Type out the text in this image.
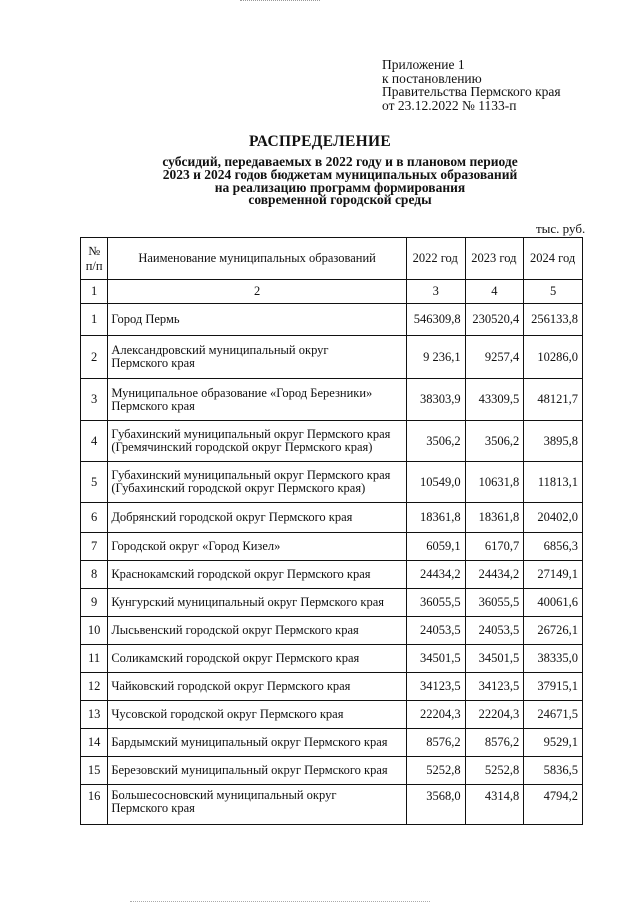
Приложение 1
к постановлению
Правительства Пермского края
от 23.12.2022 № 1133-п
РАСПРЕДЕЛЕНИЕ
субсидий, передаваемых в 2022 году и в плановом периоде
2023 и 2024 годов бюджетам муниципальных образований
на реализацию программ формирования
современной городской среды
тыс. руб.
№
п/п	Наименование муниципальных образований	2022 год	2023 год	2024 год
1	2	3	4	5
1	Город Пермь	546309,8	230520,4	256133,8
2	Александровский муниципальный округ
Пермского края	9 236,1	9257,4	10286,0
3	Муниципальное образование «Город Березники»
Пермского края	38303,9	43309,5	48121,7
4	Губахинский муниципальный округ Пермского края
(Гремячинский городской округ Пермского края)	3506,2	3506,2	3895,8
5	Губахинский муниципальный округ Пермского края
(Губахинский городской округ Пермского края)	10549,0	10631,8	11813,1
6	Добрянский городской округ Пермского края	18361,8	18361,8	20402,0
7	Городской округ «Город Кизел»	6059,1	6170,7	6856,3
8	Краснокамский городской округ Пермского края	24434,2	24434,2	27149,1
9	Кунгурский муниципальный округ Пермского края	36055,5	36055,5	40061,6
10	Лысьвенский городской округ Пермского края	24053,5	24053,5	26726,1
11	Соликамский городской округ Пермского края	34501,5	34501,5	38335,0
12	Чайковский городской округ Пермского края	34123,5	34123,5	37915,1
13	Чусовской городской округ Пермского края	22204,3	22204,3	24671,5
14	Бардымский муниципальный округ Пермского края	8576,2	8576,2	9529,1
15	Березовский муниципальный округ Пермского края	5252,8	5252,8	5836,5
16	Большесосновский муниципальный округ
Пермского края	3568,0	4314,8	4794,2
